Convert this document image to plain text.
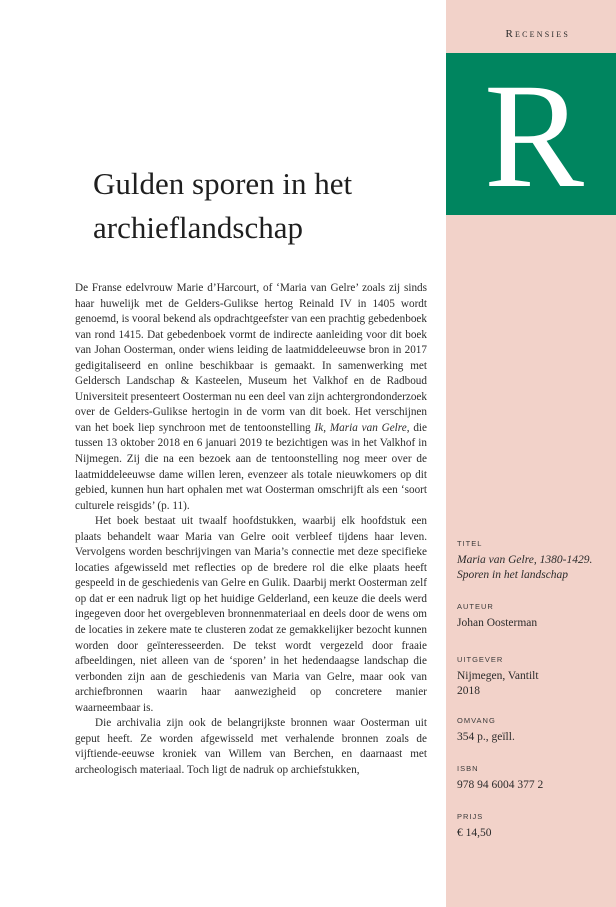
Recensies
R
Gulden sporen in het archieflandschap

De Franse edelvrouw Marie d’Harcourt, of ‘Maria van Gelre’ zoals zij sinds haar huwelijk met de Gelders-Gulikse hertog Reinald IV in 1405 wordt genoemd, is vooral bekend als opdrachtgeefster van een prachtig gebedenboek van rond 1415. Dat gebedenboek vormt de indirecte aanleiding voor dit boek van Johan Oosterman, onder wiens leiding de laatmiddeleeuwse bron in 2017 gedigitaliseerd en online beschikbaar is gemaakt. In samenwerking met Geldersch Landschap & Kasteelen, Museum het Valkhof en de Radboud Universiteit presenteert Oosterman nu een deel van zijn achtergrondonderzoek over de Gelders-Gulikse hertogin in de vorm van dit boek. Het verschijnen van het boek liep synchroon met de tentoonstelling Ik, Maria van Gelre, die tussen 13 oktober 2018 en 6 januari 2019 te bezichtigen was in het Valkhof in Nijmegen. Zij die na een bezoek aan de tentoonstelling nog meer over de laatmiddeleeuwse dame willen leren, evenzeer als totale nieuwkomers op dit gebied, kunnen hun hart ophalen met wat Oosterman omschrijft als een ‘soort culturele reisgids’ (p. 11).

Het boek bestaat uit twaalf hoofdstukken, waarbij elk hoofdstuk een plaats behandelt waar Maria van Gelre ooit verbleef tijdens haar leven. Vervolgens worden beschrijvingen van Maria’s connectie met deze specifieke locaties afgewisseld met reflecties op de bredere rol die elke plaats heeft gespeeld in de geschiedenis van Gelre en Gulik. Daarbij merkt Oosterman zelf op dat er een nadruk ligt op het huidige Gelderland, een keuze die deels werd ingegeven door het overgebleven bronnenmateriaal en deels door de wens om de locaties in zekere mate te clusteren zodat ze gemakkelijker bezocht kunnen worden door geïnteresseerden. De tekst wordt vergezeld door fraaie afbeeldingen, niet alleen van de ‘sporen’ in het hedendaagse landschap die verbonden zijn aan de geschiedenis van Maria van Gelre, maar ook van archiefbronnen waarin haar aanwezigheid op concretere manier waarneembaar is.

Die archivalia zijn ook de belangrijkste bronnen waar Oosterman uit geput heeft. Ze worden afgewisseld met verhalende bronnen zoals de vijftiende-eeuwse kroniek van Willem van Berchen, en daarnaast met archeologisch materiaal. Toch ligt de nadruk op archiefstukken,

TITEL
Maria van Gelre, 1380-1429. Sporen in het landschap
AUTEUR
Johan Oosterman
UITGEVER
Nijmegen, Vantilt 2018
OMVANG
354 p., geïll.
ISBN
978 94 6004 377 2
PRIJS
€ 14,50
